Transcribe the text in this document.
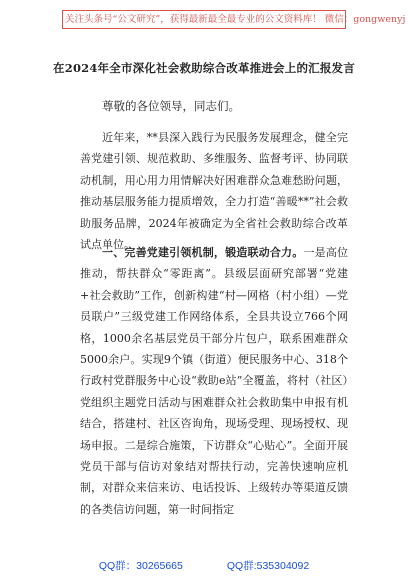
关注头条号“公文研究”，获得最新最全最专业的公文资料库！ 微信：gongwenyj
在2024年全市深化社会救助综合改革推进会上的汇报发言
尊敬的各位领导，同志们。

近年来，**县深入践行为民服务发展理念，健全完善党建引领、规范救助、多维服务、监督考评、协同联动机制，用心用力用情解决好困难群众急难愁盼问题，推动基层服务能力提质增效，全力打造“善暖**”社会救助服务品牌，2024年被确定为全省社会救助综合改革试点单位。

一、完善党建引领机制，锻造联动合力。一是高位推动，帮扶群众“零距离”。县级层面研究部署“党建+社会救助”工作，创新构建“村—网格（村小组）—党员联户”三级党建工作网络体系，全县共设立766个网格，1000余名基层党员干部分片包户，联系困难群众5000余户。实现9个镇（街道）便民服务中心、318个行政村党群服务中心设“救助e站”全覆盖，将村（社区）党组织主题党日活动与困难群众社会救助集中申报有机结合，搭建村、社区咨询角，现场受理、现场授权、现场申报。二是综合施策，下访群众“心贴心”。全面开展党员干部与信访对象结对帮扶行动，完善快速响应机制，对群众来信来访、电话投诉、上级转办等渠道反馈的各类信访问题，第一时间指定

QQ群：30265665	QQ群:535304092
